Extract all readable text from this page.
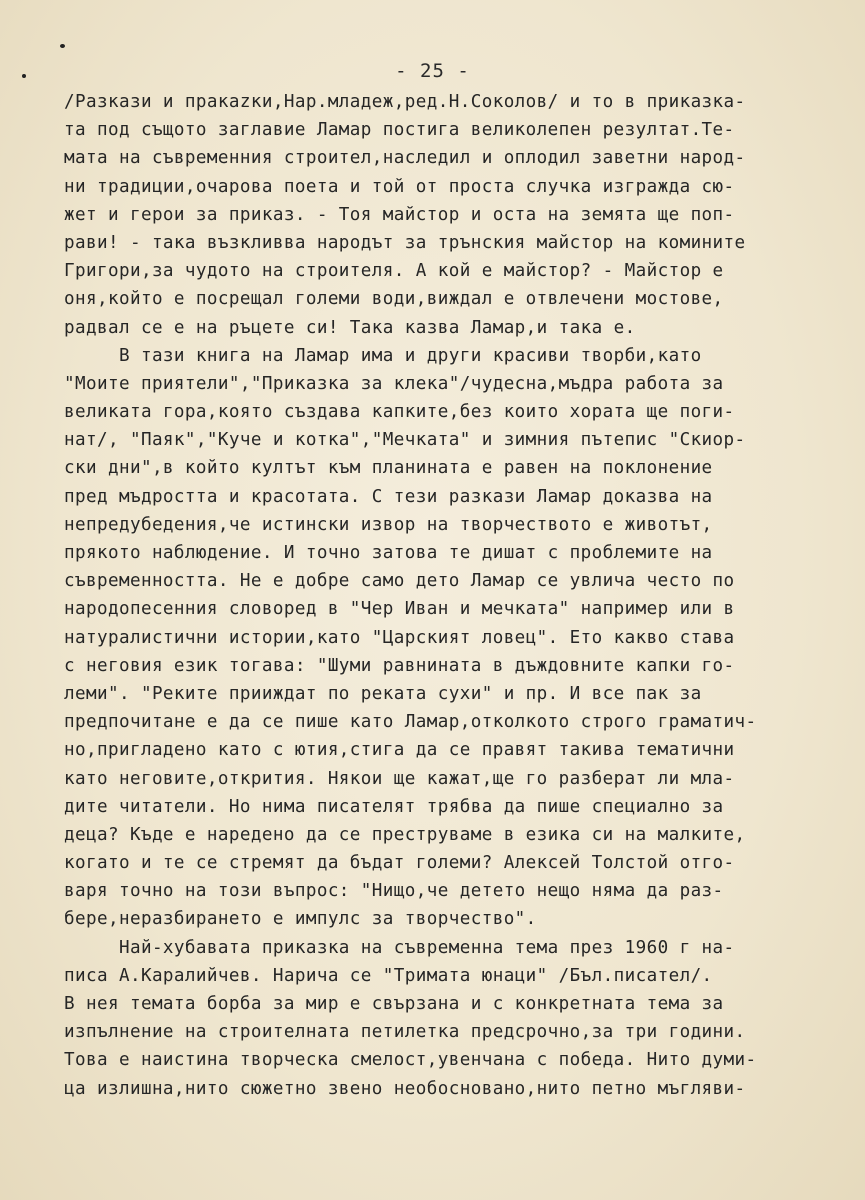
- 25 -
/Разкази и пракazки,Нар.младеж,ред.Н.Соколов/ и то в приказка-
та под същото заглавие Ламар постига великолепен резултат.Те-
мата на съвременния строител,наследил и оплодил заветни народ-
ни традиции,очарова поета и той от проста случка изгражда сю-
жет и герои за приказ. - Тоя майстор и оста на земята ще поп-
рави! - така възкливва народът за трънския майстор на комините
Григори,за чудото на строителя. А кой е майстор? - Майстор е
оня,който е посрещал големи води,виждал е отвлечени мостове,
радвал се е на ръцете си! Така казва Ламар,и така е.
В тази книга на Ламар има и други красиви творби,като
"Моите приятели","Приказка за клека"/чудесна,мъдра работа за
великата гора,която създава капките,без които хората ще поги-
нат/, "Паяк","Куче и котка","Мечката" и зимния пътепис "Скиор-
ски дни",в който култът към планината е равен на поклонение
пред мъдростта и красотата. С тези разкази Ламар доказва на
непредубедения,че истински извор на творчеството е животът,
прякото наблюдение. И точно затова те дишат с проблемите на
съвременността. Не е добре само дето Ламар се увлича често по
народопесенния словоред в "Чер Иван и мечката" например или в
натуралистични истории,като "Царският ловец". Ето какво става
с неговия език тогава: "Шуми равнината в дъждовните капки го-
леми". "Реките прииждат по реката сухи" и пр. И все пак за
предпочитане е да се пише като Ламар,отколкото строго граматич-
но,приглaдено като с ютия,стига да се правят такива тематични
като неговите,открития. Някои ще кажат,ще го разберат ли мла-
дите читатели. Но нима писателят трябва да пише специално за
деца? Къде е наредено да се преструваме в езика си на малките,
когато и те се стремят да бъдат големи? Алексей Толстой отго-
варя точно на този въпрос: "Нищо,че детето нещо няма да раз-
бере,неразбирането е импулс за творчество".
Най-хубавата приказка на съвременна тема през 1960 г на-
писа А.Каралийчев. Нарича се "Тримата юнаци" /Бъл.писател/.
В нея темата борба за мир е свързана и с конкретната тема за
изпълнение на строителната петилетка предсрочно,за три години.
Това е наистина творческа смелост,увенчана с победа. Нито думи-
ца излишна,нито сюжетно звено необосновано,нито петно мъгляви-
